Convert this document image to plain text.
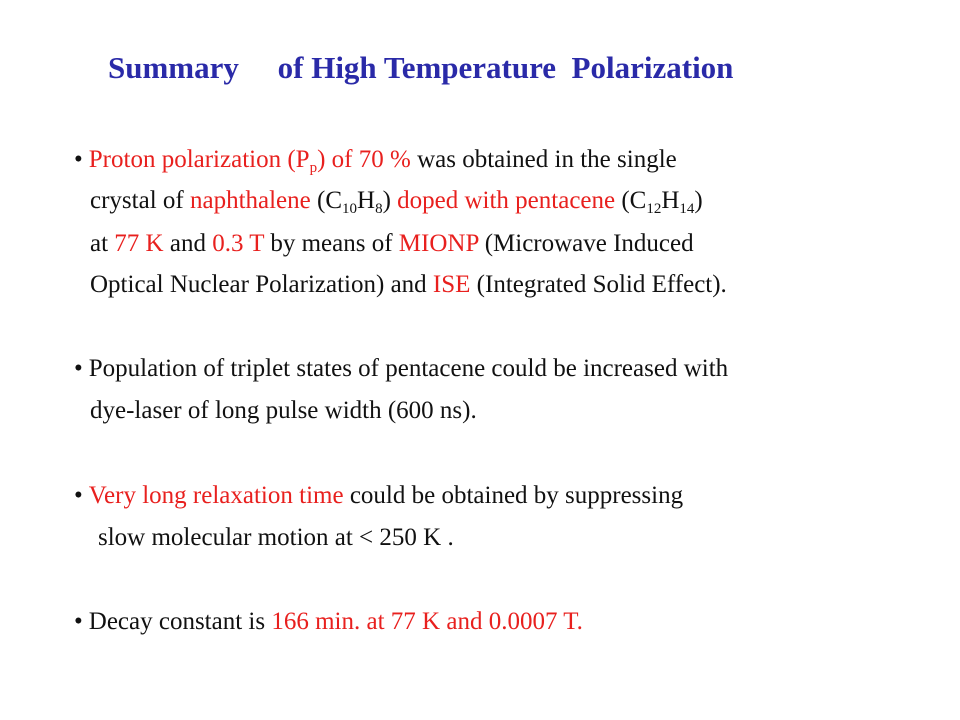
Summary     of High Temperature  Polarization
• Proton polarization $(P_p)$ of 70 % was obtained in the single
crystal of naphthalene $(C_{10}H_8)$ doped with pentacene $(C_{12}H_{14})$
at 77 K and 0.3 T by means of MIONP (Microwave Induced
Optical Nuclear Polarization) and ISE (Integrated Solid Effect).
• Population of triplet states of pentacene could be increased with
dye-laser of long pulse width (600 ns).
• Very long relaxation time could be obtained by suppressing
slow molecular motion at < 250 K .
• Decay constant is 166 min. at 77 K and 0.0007 T.
